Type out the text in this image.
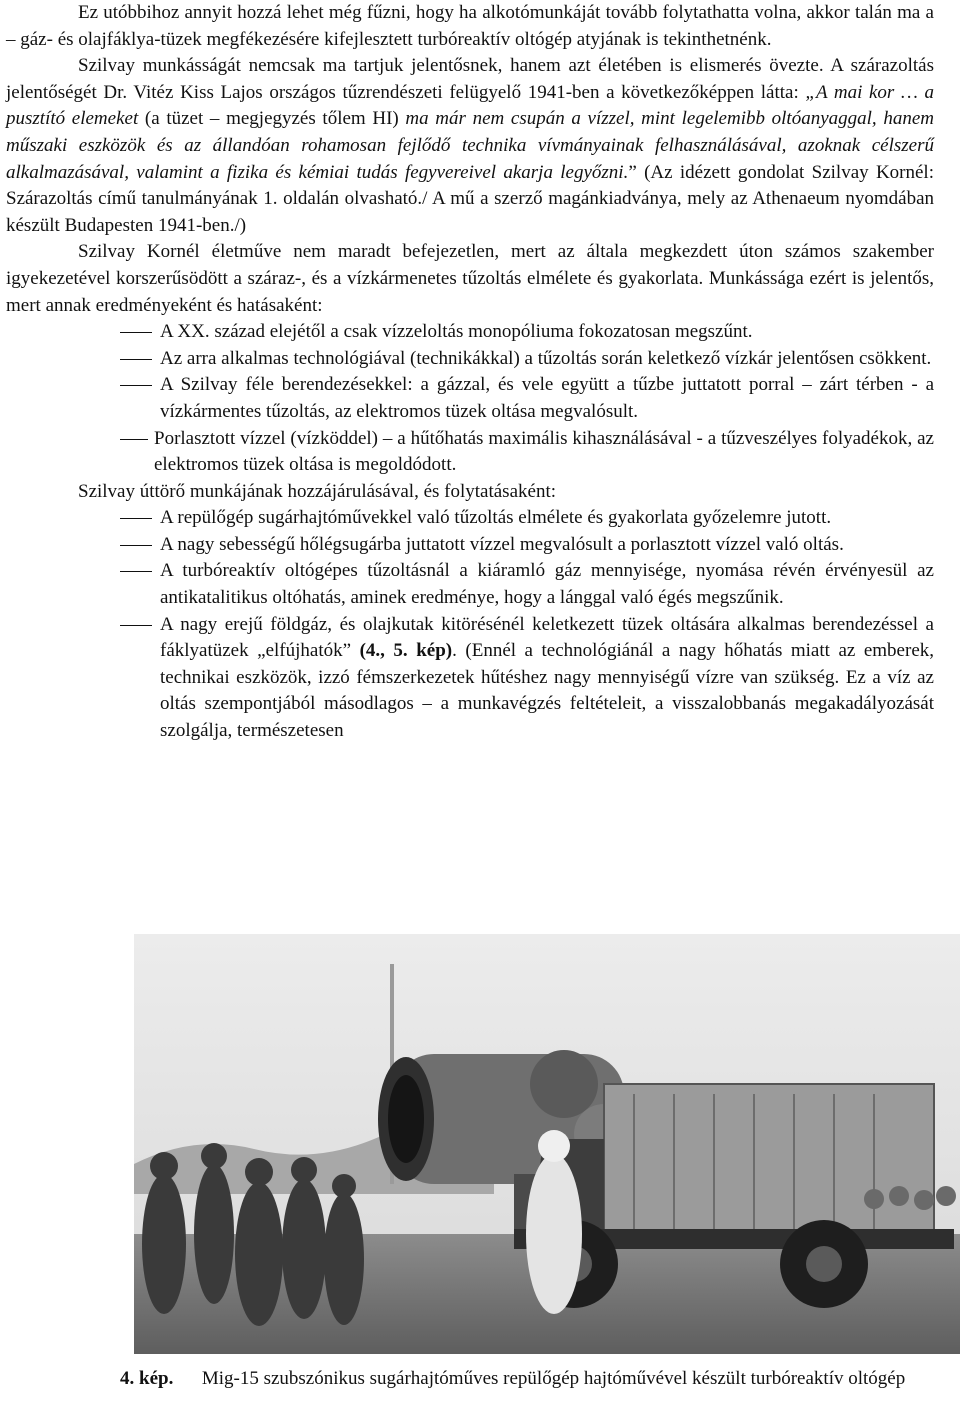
Ez utóbbihoz annyit hozzá lehet még fűzni, hogy ha alkotómunkáját tovább folytathatta volna, akkor talán ma a – gáz- és olajfáklya-tüzek megfékezésére kifejlesztett turbóreaktív oltógép atyjának is tekinthetnénk.

Szilvay munkásságát nemcsak ma tartjuk jelentősnek, hanem azt életében is elismerés övezte. A szárazoltás jelentőségét Dr. Vitéz Kiss Lajos országos tűzrendészeti felügyelő 1941-ben a következőképpen látta: „A mai kor … a pusztító elemeket (a tüzet – megjegyzés tőlem HI) ma már nem csupán a vízzel, mint legelemibb oltóanyaggal, hanem műszaki eszközök és az állandóan rohamosan fejlődő technika vívmányainak felhasználásával, azoknak célszerű alkalmazásával, valamint a fizika és kémiai tudás fegyvereivel akarja legyőzni.” (Az idézett gondolat Szilvay Kornél: Szárazoltás című tanulmányának 1. oldalán olvasható./ A mű a szerző magánkiadványa, mely az Athenaeum nyomdában készült Budapesten 1941-ben./)

Szilvay Kornél életműve nem maradt befejezetlen, mert az általa megkezdett úton számos szakember igyekezetével korszerűsödött a száraz-, és a vízkármenetes tűzoltás elmélete és gyakorlata. Munkássága ezért is jelentős, mert annak eredményeként és hatásaként:

A XX. század elejétől a csak vízzeloltás monopóliuma fokozatosan megszűnt.
Az arra alkalmas technológiával (technikákkal) a tűzoltás során keletkező vízkár jelentősen csökkent.
A Szilvay féle berendezésekkel: a gázzal, és vele együtt a tűzbe juttatott porral – zárt térben - a vízkármentes tűzoltás, az elektromos tüzek oltása megvalósult.
Porlasztott vízzel (vízköddel) – a hűtőhatás maximális kihasználásával - a tűzveszélyes folyadékok, az elektromos tüzek oltása is megoldódott.

Szilvay úttörő munkájának hozzájárulásával, és folytatásaként:

A repülőgép sugárhajtóművekkel való tűzoltás elmélete és gyakorlata győzelemre jutott.
A nagy sebességű hőlégsugárba juttatott vízzel megvalósult a porlasztott vízzel való oltás.
A turbóreaktív oltógépes tűzoltásnál a kiáramló gáz mennyisége, nyomása révén érvényesül az antikatalitikus oltóhatás, aminek eredménye, hogy a lánggal való égés megszűnik.
A nagy erejű földgáz, és olajkutak kitörésénél keletkezett tüzek oltására alkalmas berendezéssel a fáklyatüzek „elfújhatók” (4., 5. kép). (Ennél a technológiánál a nagy hőhatás miatt az emberek, technikai eszközök, izzó fémszerkezetek hűtéshez nagy mennyiségű vízre van szükség. Ez a víz az oltás szempontjából másodlagos – a munkavégzés feltételeit, a visszalobbanás megakadályozását szolgálja, természetesen
4. kép. Mig-15 szubszónikus sugárhajtóműves repülőgép hajtóművével készült turbóreaktív oltógép
